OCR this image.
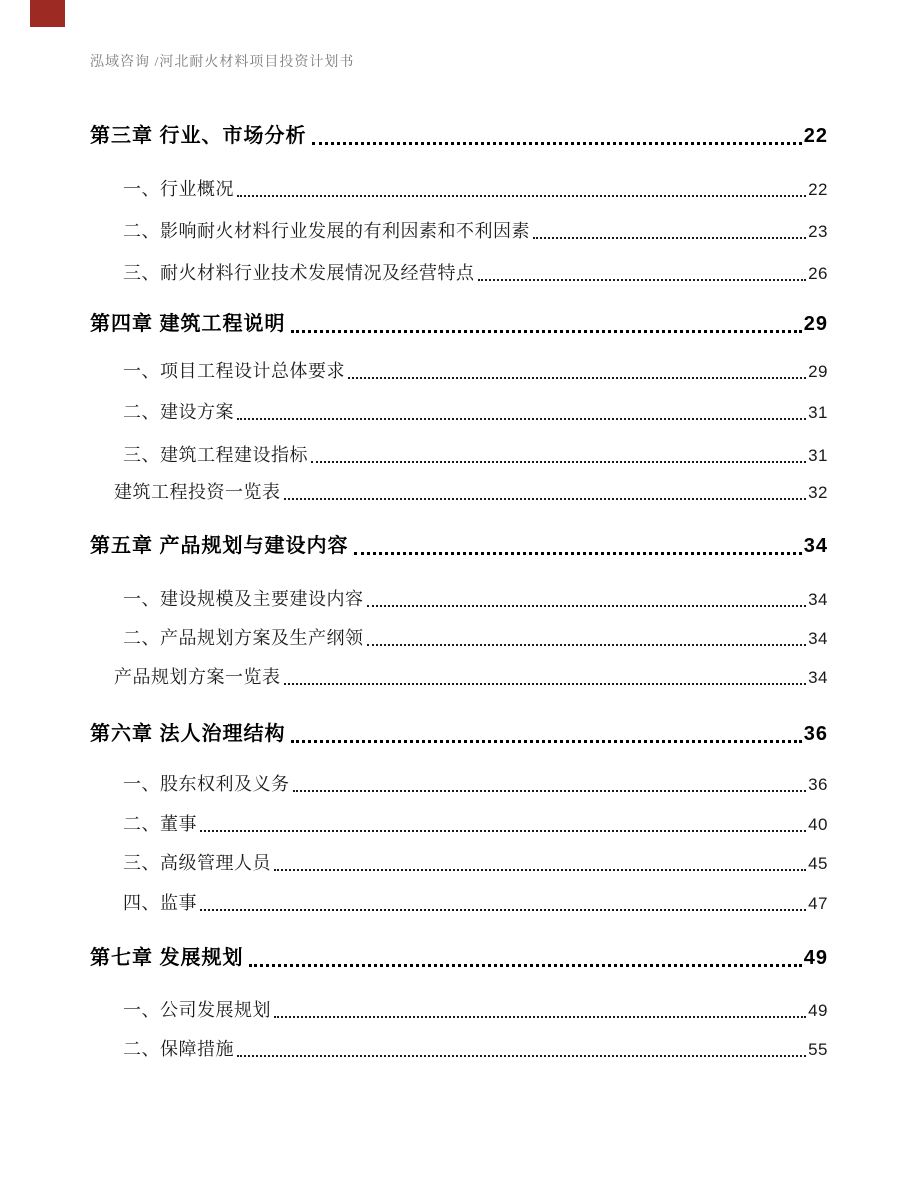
泓域咨询 /河北耐火材料项目投资计划书
第三章 行业、市场分析	22
一、行业概况	22
二、影响耐火材料行业发展的有利因素和不利因素	23
三、耐火材料行业技术发展情况及经营特点	26
第四章 建筑工程说明	29
一、项目工程设计总体要求	29
二、建设方案	31
三、建筑工程建设指标	31
建筑工程投资一览表	32
第五章 产品规划与建设内容	34
一、建设规模及主要建设内容	34
二、产品规划方案及生产纲领	34
产品规划方案一览表	34
第六章 法人治理结构	36
一、股东权利及义务	36
二、董事	40
三、高级管理人员	45
四、监事	47
第七章 发展规划	49
一、公司发展规划	49
二、保障措施	55
